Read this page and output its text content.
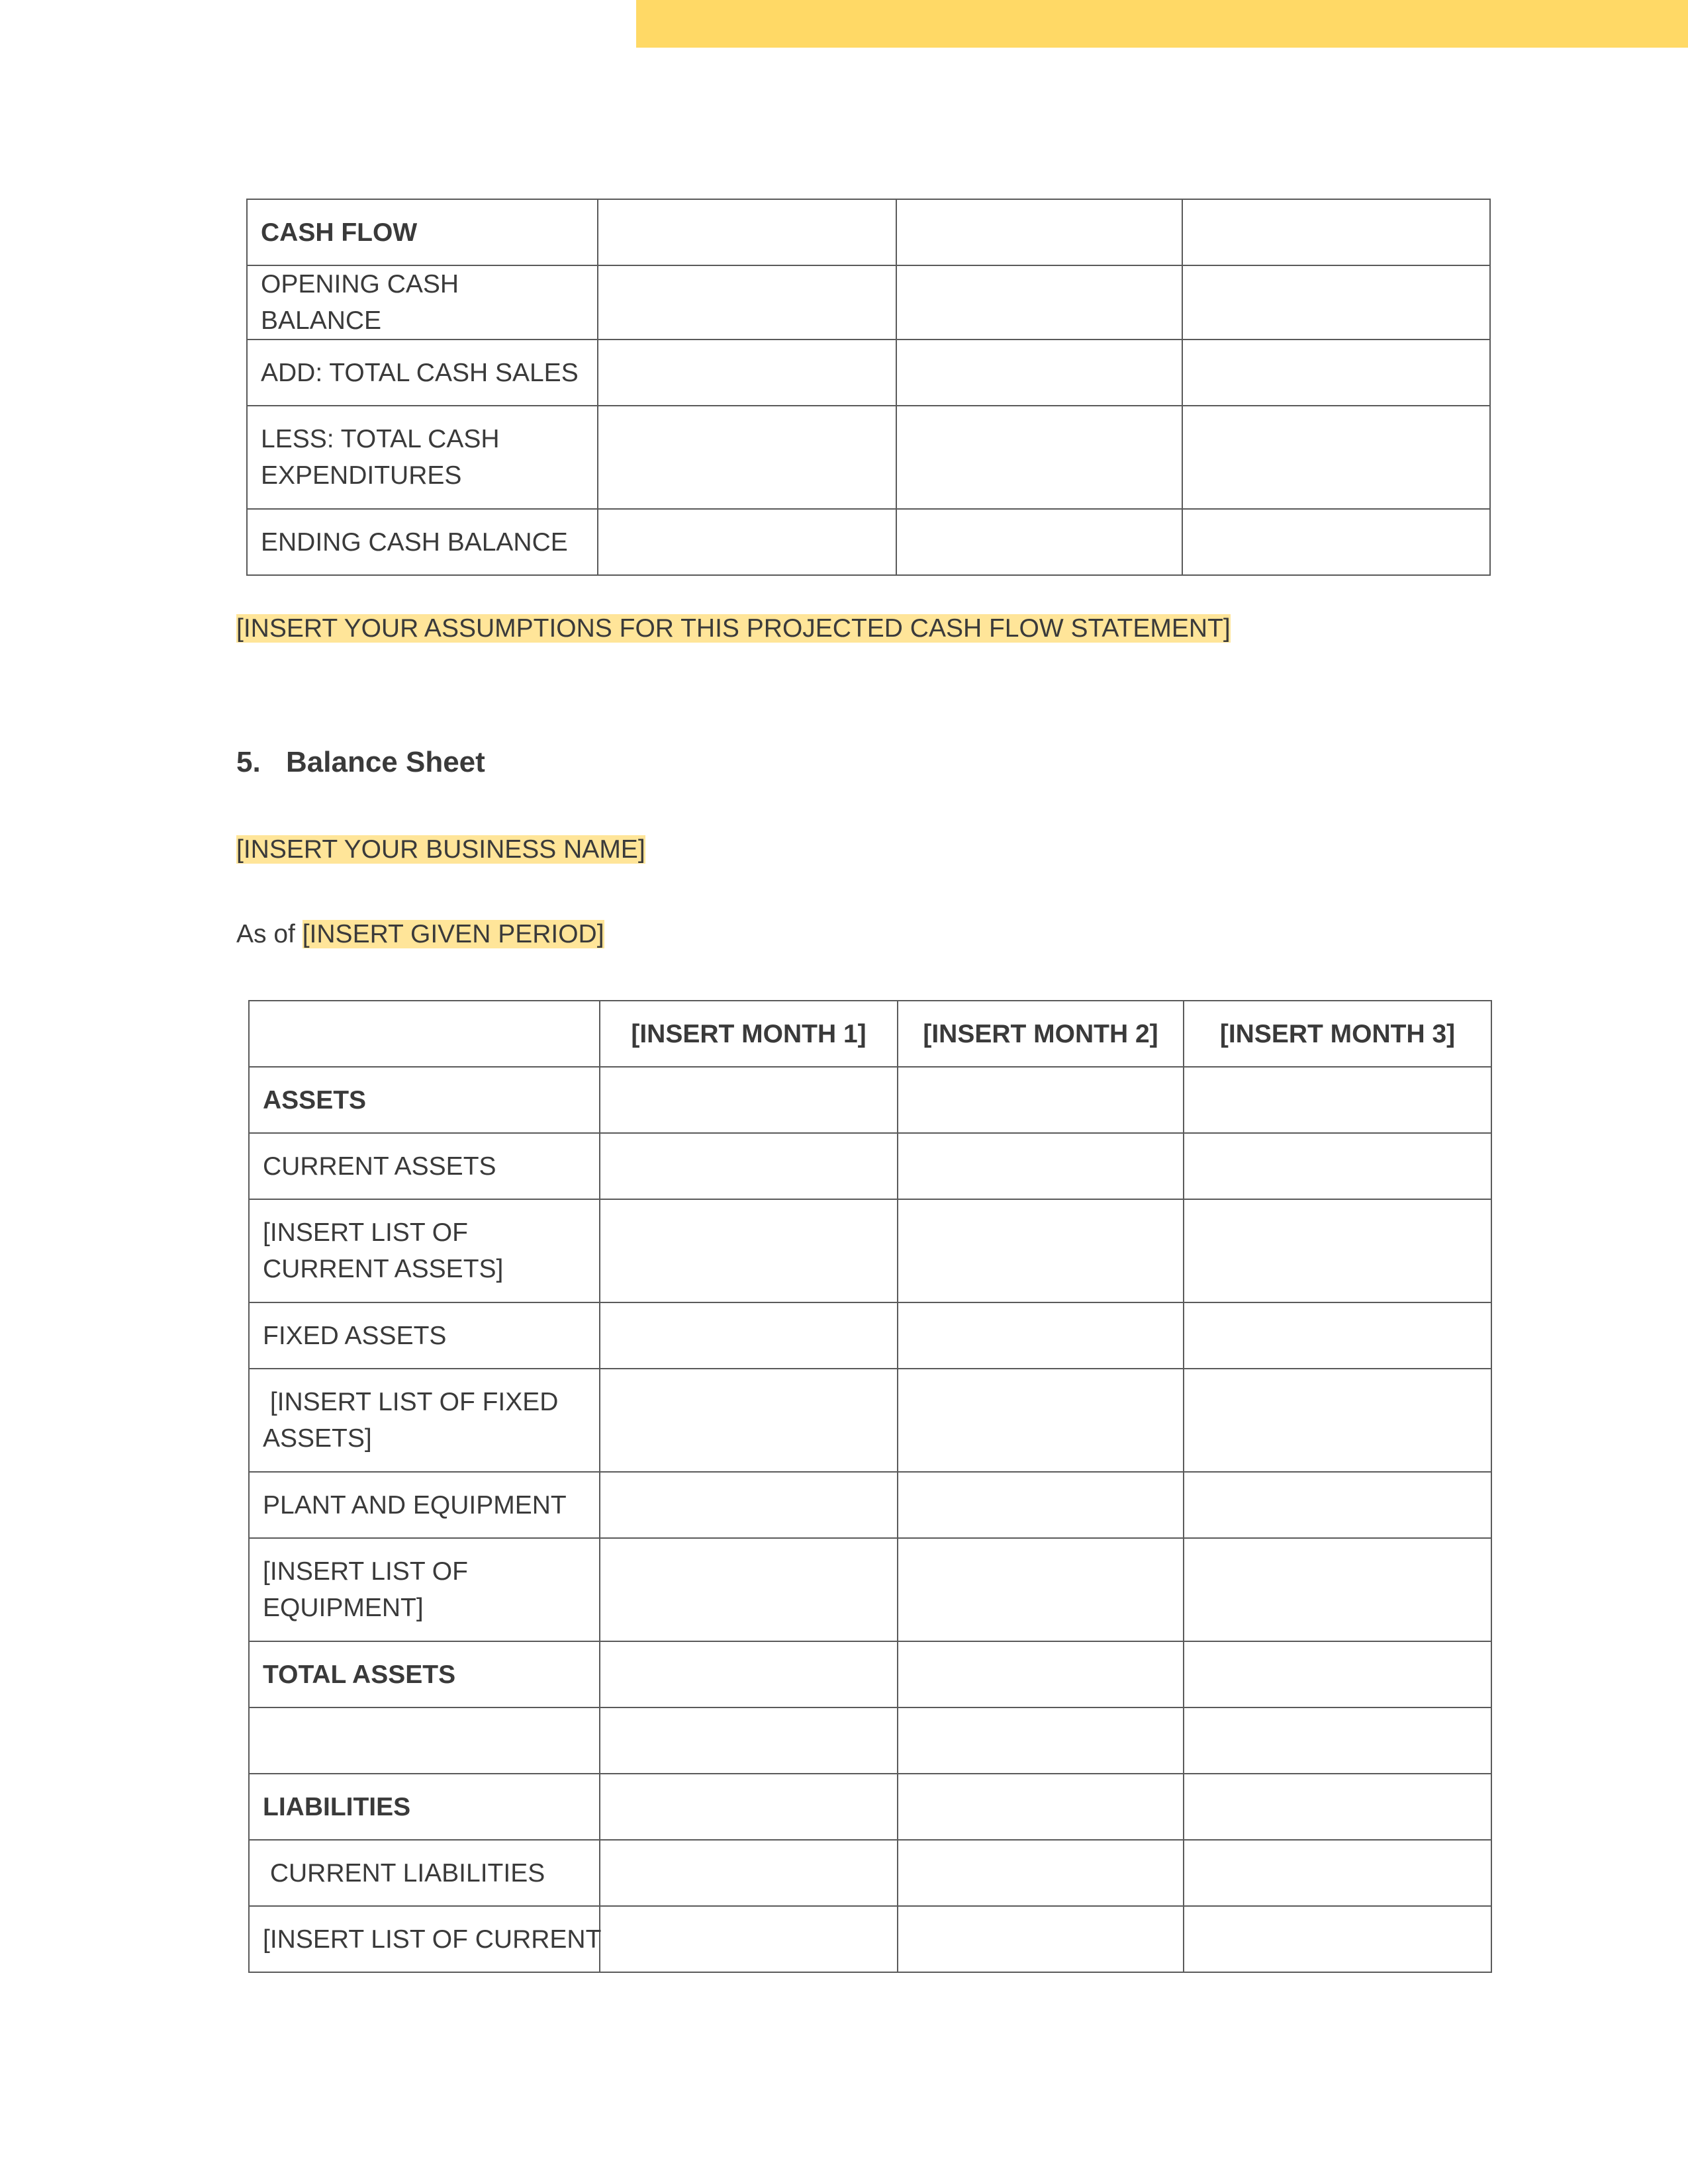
CASH FLOW			
OPENING CASH BALANCE			
ADD: TOTAL CASH SALES			
LESS: TOTAL CASH EXPENDITURES			
ENDING CASH BALANCE			
[INSERT YOUR ASSUMPTIONS FOR THIS PROJECTED CASH FLOW STATEMENT]
5. Balance Sheet
[INSERT YOUR BUSINESS NAME]
As of [INSERT GIVEN PERIOD]
	[INSERT MONTH 1]	[INSERT MONTH 2]	[INSERT MONTH 3]
ASSETS			
CURRENT ASSETS			
[INSERT LIST OF CURRENT ASSETS]			
FIXED ASSETS			
[INSERT LIST OF FIXED ASSETS]			
PLANT AND EQUIPMENT			
[INSERT LIST OF EQUIPMENT]			
TOTAL ASSETS			

LIABILITIES			
CURRENT LIABILITIES			
[INSERT LIST OF CURRENT			
